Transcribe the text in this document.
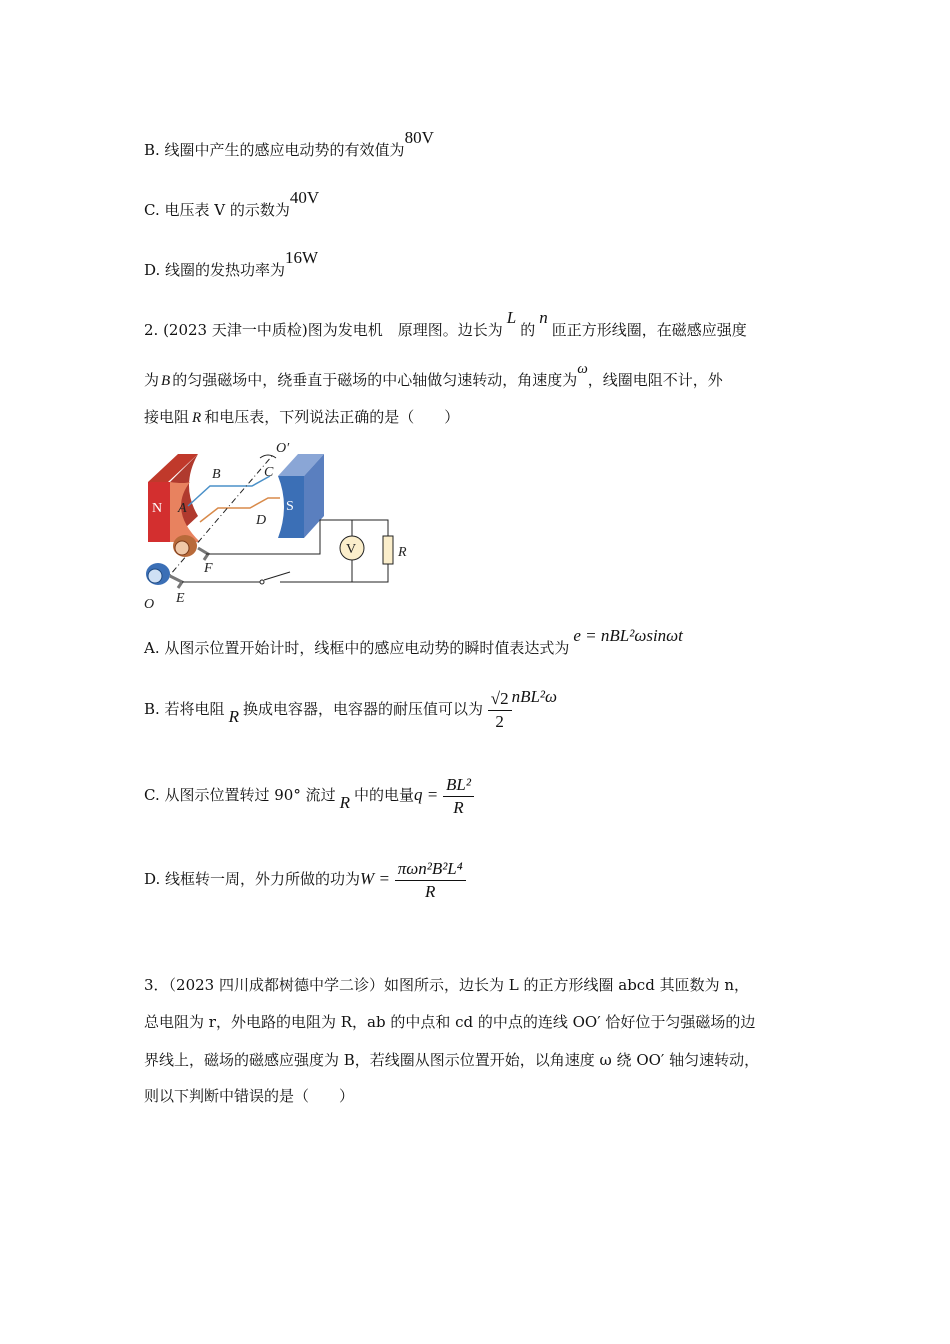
B. 线圈中产生的感应电动势的有效值为80V
C. 电压表 V 的示数为40V
D. 线圈的发热功率为16W
2. (2023 天津一中质检)图为发电机　原理图。边长为L的n匝正方形线圈，在磁感应强度
为 B 的匀强磁场中，绕垂直于磁场的中心轴做匀速转动，角速度为ω，线圈电阻不计，外
接电阻 R 和电压表，下列说法正确的是（　　）
N A	S
B	C
D
O′
F
E
O
V	R
A. 从图示位置开始计时，线框中的感应电动势的瞬时值表达式为e = nBL²ωsinωt
B. 若将电阻 R 换成电容器，电容器的耐压值可以为 $\frac{√2}{2} nBL^2\omega$
C. 从图示位置转过 90° 流过 R 中的电量$q = \frac{\text{BL²}}{R}$
D. 线框转一周，外力所做的功为$W = \frac{\text{πωn²B²L⁴}}{R}$
3．（2023 四川成都树德中学二诊）如图所示，边长为 L 的正方形线圈 abcd 其匝数为 n，
总电阻为 r，外电路的电阻为 R，ab 的中点和 cd 的中点的连线 OO′ 恰好位于匀强磁场的边
界线上，磁场的磁感应强度为 B，若线圈从图示位置开始，以角速度 ω 绕 OO′ 轴匀速转动，
则以下判断中错误的是（　　）
